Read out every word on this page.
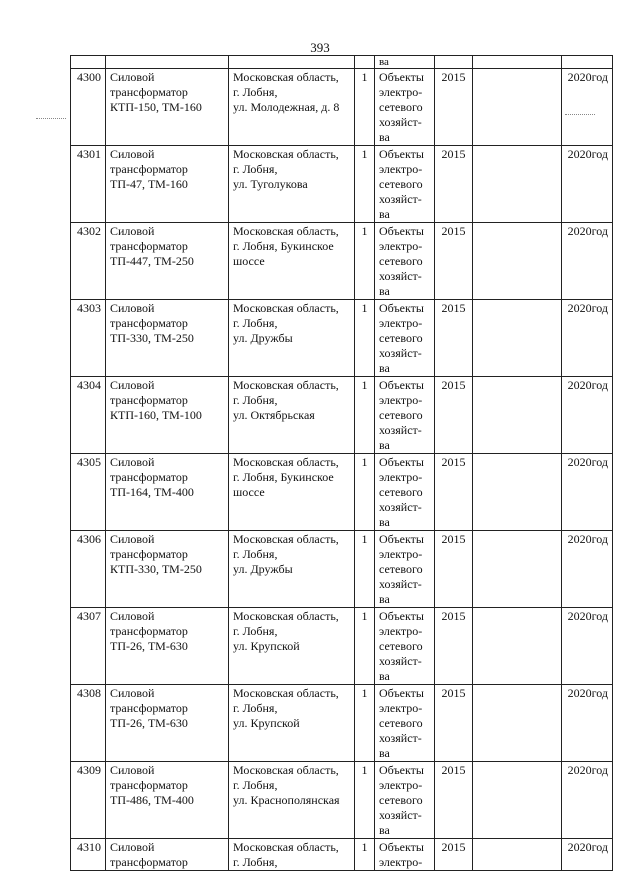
393
				ва			
4300	Силовой
трансформатор
КТП-150, ТМ-160	Московская область,
г. Лобня,
ул. Молодежная, д. 8	1	Объекты
электро-
сетевого
хозяйст-
ва	2015		2020год
4301	Силовой
трансформатор
ТП-47, ТМ-160	Московская область,
г. Лобня,
ул. Туголукова	1	Объекты
электро-
сетевого
хозяйст-
ва	2015		2020год
4302	Силовой
трансформатор
ТП-447, ТМ-250	Московская область,
г. Лобня, Букинское
шоссе	1	Объекты
электро-
сетевого
хозяйст-
ва	2015		2020год
4303	Силовой
трансформатор
ТП-330, ТМ-250	Московская область,
г. Лобня,
ул. Дружбы	1	Объекты
электро-
сетевого
хозяйст-
ва	2015		2020год
4304	Силовой
трансформатор
КТП-160, ТМ-100	Московская область,
г. Лобня,
ул. Октябрьская	1	Объекты
электро-
сетевого
хозяйст-
ва	2015		2020год
4305	Силовой
трансформатор
ТП-164, ТМ-400	Московская область,
г. Лобня, Букинское
шоссе	1	Объекты
электро-
сетевого
хозяйст-
ва	2015		2020год
4306	Силовой
трансформатор
КТП-330, ТМ-250	Московская область,
г. Лобня,
ул. Дружбы	1	Объекты
электро-
сетевого
хозяйст-
ва	2015		2020год
4307	Силовой
трансформатор
ТП-26, ТМ-630	Московская область,
г. Лобня,
ул. Крупской	1	Объекты
электро-
сетевого
хозяйст-
ва	2015		2020год
4308	Силовой
трансформатор
ТП-26, ТМ-630	Московская область,
г. Лобня,
ул. Крупской	1	Объекты
электро-
сетевого
хозяйст-
ва	2015		2020год
4309	Силовой
трансформатор
ТП-486, ТМ-400	Московская область,
г. Лобня,
ул. Краснополянская	1	Объекты
электро-
сетевого
хозяйст-
ва	2015		2020год
4310	Силовой
трансформатор	Московская область,
г. Лобня,	1	Объекты
электро-	2015		2020год
